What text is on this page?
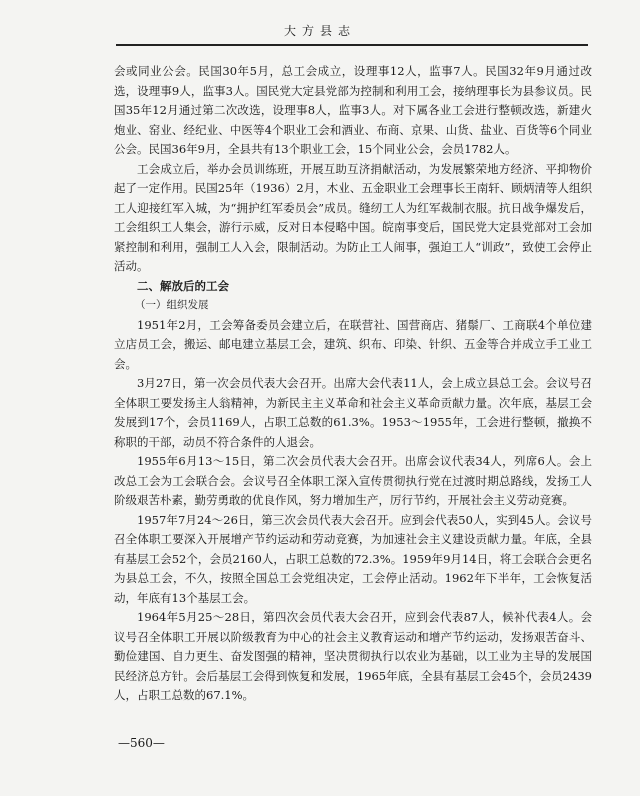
大方县志

会或同业公会。民国30年5月，总工会成立，设理事12人，监事7人。民国32年9月通过改选，设理事9人，监事3人。国民党大定县党部为控制和利用工会，接纳理事长为县参议员。民国35年12月通过第二次改选，设理事8人，监事3人。对下属各业工会进行整顿改选，新建火炮业、窑业、经纪业、中医等4个职业工会和酒业、布商、京果、山货、盐业、百货等6个同业公会。民国36年9月，全县共有13个职业工会，15个同业公会，会员1782人。

工会成立后，举办会员训练班，开展互助互济捐献活动，为发展繁荣地方经济、平抑物价起了一定作用。民国25年（1936）2月，木业、五金职业工会理事长王南轩、顾炳清等人组织工人迎接红军入城，为“拥护红军委员会”成员。缝纫工人为红军裁制衣服。抗日战争爆发后，工会组织工人集会，游行示威，反对日本侵略中国。皖南事变后，国民党大定县党部对工会加紧控制和利用，强制工人入会，限制活动。为防止工人闹事，强迫工人“训政”，致使工会停止活动。

二、解放后的工会

（一）组织发展

1951年2月，工会筹备委员会建立后，在联营社、国营商店、猪鬃厂、工商联4个单位建立店员工会，搬运、邮电建立基层工会，建筑、织布、印染、针织、五金等合并成立手工业工会。

3月27日，第一次会员代表大会召开。出席大会代表11人，会上成立县总工会。会议号召全体职工要发扬主人翁精神，为新民主主义革命和社会主义革命贡献力量。次年底，基层工会发展到17个，会员1169人，占职工总数的61.3%。1953～1955年，工会进行整顿，撤换不称职的干部，动员不符合条件的人退会。

1955年6月13～15日，第二次会员代表大会召开。出席会议代表34人，列席6人。会上改总工会为工会联合会。会议号召全体职工深入宣传贯彻执行党在过渡时期总路线，发扬工人阶级艰苦朴素，勤劳勇敢的优良作风，努力增加生产，厉行节约，开展社会主义劳动竞赛。

1957年7月24～26日，第三次会员代表大会召开。应到会代表50人，实到45人。会议号召全体职工要深入开展增产节约运动和劳动竞赛，为加速社会主义建设贡献力量。年底，全县有基层工会52个，会员2160人，占职工总数的72.3%。1959年9月14日，将工会联合会更名为县总工会，不久，按照全国总工会党组决定，工会停止活动。1962年下半年，工会恢复活动，年底有13个基层工会。

1964年5月25～28日，第四次会员代表大会召开，应到会代表87人，候补代表4人。会议号召全体职工开展以阶级教育为中心的社会主义教育运动和增产节约运动，发扬艰苦奋斗、勤俭建国、自力更生、奋发图强的精神，坚决贯彻执行以农业为基础，以工业为主导的发展国民经济总方针。会后基层工会得到恢复和发展，1965年底，全县有基层工会45个，会员2439人，占职工总数的67.1%。

—560—
